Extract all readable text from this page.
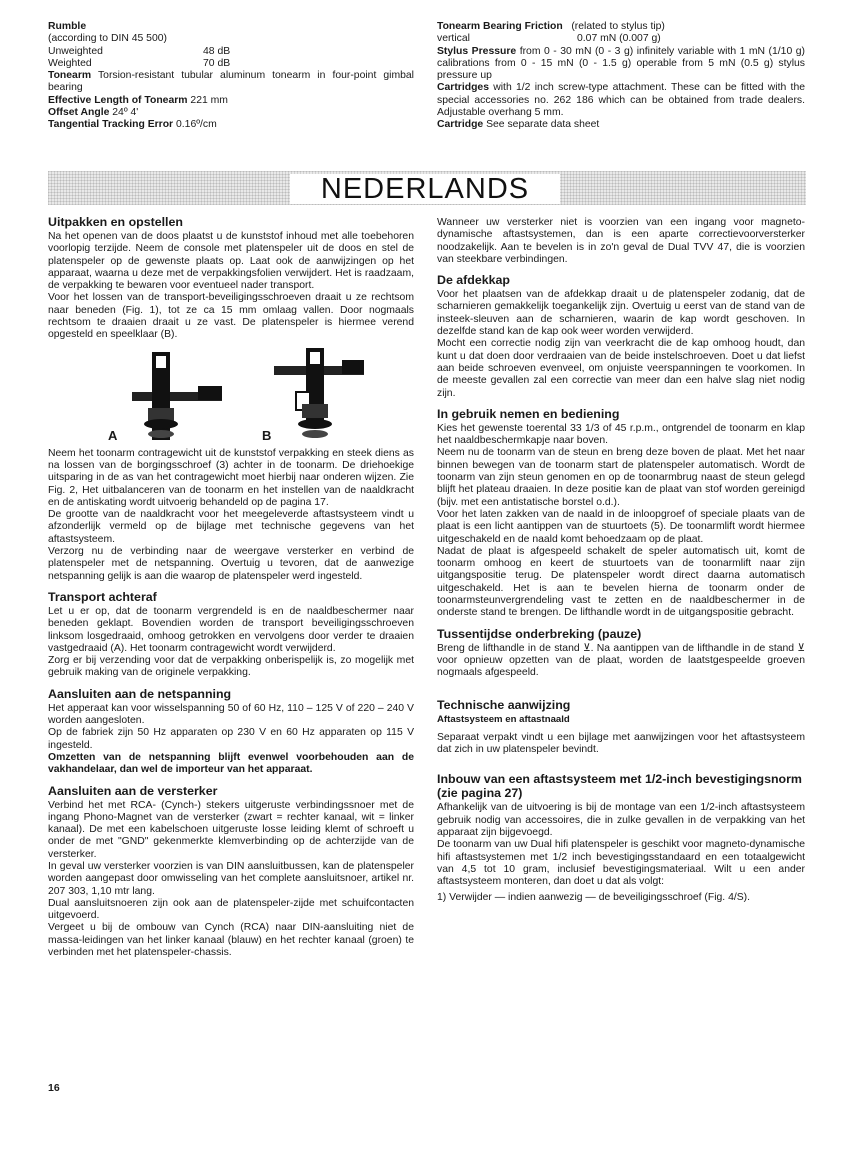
Rumble
(according to DIN 45 500)
Unweighted	48 dB
Weighted	70 dB

Tonearm Torsion-resistant tubular aluminum tonearm in four-point gimbal bearing

Effective Length of Tonearm 221 mm
Offset Angle 24º 4'
Tangential Tracking Error 0.16º/cm
Tonearm Bearing Friction (related to stylus tip)
vertical	0.07 mN (0.007 g)

Stylus Pressure from 0 - 30 mN (0 - 3 g) infinitely variable with 1 mN (1/10 g) calibrations from 0 - 15 mN (0 - 1.5 g) operable from 5 mN (0.5 g) stylus pressure up

Cartridges with 1/2 inch screw-type attachment. These can be fitted with the special accessories no. 262 186 which can be obtained from trade dealers. Adjustable overhang 5 mm.

Cartridge See separate data sheet
NEDERLANDS
Uitpakken en opstellen

Na het openen van de doos plaatst u de kunststof inhoud met alle toebehoren voorlopig terzijde. Neem de console met platenspeler uit de doos en stel de platenspeler op de gewenste plaats op. Laat ook de aanwijzingen op het apparaat, waarna u deze met de verpakkingsfolien verwijdert. Het is raadzaam, de verpakking te bewaren voor eventueel nader transport.

Voor het lossen van de transport-beveiligingsschroeven draait u ze rechtsom naar beneden (Fig. 1), tot ze ca 15 mm omlaag vallen. Door nogmaals rechtsom te draaien draait u ze vast. De platenspeler is hiermee verend opgesteld en speelklaar (B).

A	B

Neem het toonarm contragewicht uit de kunststof verpakking en steek diens as na lossen van de borgingsschroef (3) achter in de toonarm. De driehoekige uitsparing in de as van het contragewicht moet hierbij naar onderen wijzen. Zie Fig. 2, Het uitbalanceren van de toonarm en het instellen van de naaldkracht en de antiskating wordt uitvoerig behandeld op de pagina 17.

De grootte van de naaldkracht voor het meegeleverde aftastsysteem vindt u afzonderlijk vermeld op de bijlage met technische gegevens van het aftastsysteem.

Verzorg nu de verbinding naar de weergave versterker en verbind de platenspeler met de netspanning. Overtuig u tevoren, dat de aanwezige netspanning gelijk is aan die waarop de platenspeler werd ingesteld.

Transport achteraf

Let u er op, dat de toonarm vergrendeld is en de naaldbeschermer naar beneden geklapt. Bovendien worden de transport beveiligingsschroeven linksom losgedraaid, omhoog getrokken en vervolgens door verder te draaien vastgedraaid (A). Het toonarm contragewicht wordt verwijderd.

Zorg er bij verzending voor dat de verpakking onberispelijk is, zo mogelijk met gebruik making van de originele verpakking.

Aansluiten aan de netspanning

Het apperaat kan voor wisselspanning 50 of 60 Hz, 110 – 125 V of 220 – 240 V worden aangesloten.

Op de fabriek zijn 50 Hz apparaten op 230 V en 60 Hz apparaten op 115 V ingesteld.

Omzetten van de netspanning blijft evenwel voorbehouden aan de vakhandelaar, dan wel de importeur van het apparaat.

Aansluiten aan de versterker

Verbind het met RCA- (Cynch-) stekers uitgeruste verbindingssnoer met de ingang Phono-Magnet van de versterker (zwart = rechter kanaal, wit = linker kanaal). De met een kabelschoen uitgeruste losse leiding klemt of schroeft u onder de met "GND" gekenmerkte klemverbinding op de achterzijde van de versterker.

In geval uw versterker voorzien is van DIN aansluitbussen, kan de platenspeler worden aangepast door omwisseling van het complete aansluitsnoer, artikel nr. 207 303, 1,10 mtr lang.

Dual aansluitsnoeren zijn ook aan de platenspeler-zijde met schuifcontacten uitgevoerd.

Vergeet u bij de ombouw van Cynch (RCA) naar DIN-aansluiting niet de massa-leidingen van het linker kanaal (blauw) en het rechter kanaal (groen) te verbinden met het platenspeler-chassis.

16

Wanneer uw versterker niet is voorzien van een ingang voor magneto-dynamische aftastsystemen, dan is een aparte correctievoorversterker noodzakelijk. Aan te bevelen is in zo'n geval de Dual TVV 47, die is voorzien van steekbare verbindingen.

De afdekkap

Voor het plaatsen van de afdekkap draait u de platenspeler zodanig, dat de scharnieren gemakkelijk toegankelijk zijn. Overtuig u eerst van de stand van de insteek-sleuven aan de scharnieren, waarin de kap wordt geschoven. In dezelfde stand kan de kap ook weer worden verwijderd.

Mocht een correctie nodig zijn van veerkracht die de kap omhoog houdt, dan kunt u dat doen door verdraaien van de beide instelschroeven. Doet u dat liefst aan beide schroeven evenveel, om onjuiste veerspanningen te voorkomen. In de meeste gevallen zal een correctie van meer dan een halve slag niet nodig zijn.

In gebruik nemen en bediening

Kies het gewenste toerental 33 1/3 of 45 r.p.m., ontgrendel de toonarm en klap het naaldbeschermkapje naar boven.

Neem nu de toonarm van de steun en breng deze boven de plaat. Met het naar binnen bewegen van de toonarm start de platenspeler automatisch. Wordt de toonarm van zijn steun genomen en op de toonarmbrug naast de steun gelegd blijft het plateau draaien. In deze positie kan de plaat van stof worden gereinigd (bijv. met een antistatische borstel o.d.).

Voor het laten zakken van de naald in de inloopgroef of speciale plaats van de plaat is een licht aantippen van de stuurtoets (5). De toonarmlift wordt hiermee uitgeschakeld en de naald komt behoedzaam op de plaat.

Nadat de plaat is afgespeeld schakelt de speler automatisch uit, komt de toonarm omhoog en keert de stuurtoets van de toonarmlift naar zijn uitgangspositie terug. De platenspeler wordt direct daarna automatisch uitgeschakeld. Het is aan te bevelen hierna de toonarm onder de toonarmsteunvergrendeling vast te zetten en de naaldbeschermer in de onderste stand te brengen. De lifthandle wordt in de uitgangspositie gebracht.

Tussentijdse onderbreking (pauze)

Breng de lifthandle in de stand ⊻. Na aantippen van de lifthandle in de stand ⊻ voor opnieuw opzetten van de plaat, worden de laatstgespeelde groeven nogmaals afgespeeld.

Technische aanwijzing
Aftastsysteem en aftastnaald

Separaat verpakt vindt u een bijlage met aanwijzingen voor het aftastsysteem dat zich in uw platenspeler bevindt.

Inbouw van een aftastsysteem met 1/2-inch bevestigingsnorm (zie pagina 27)

Afhankelijk van de uitvoering is bij de montage van een 1/2-inch aftastsysteem gebruik nodig van accessoires, die in zulke gevallen in de verpakking van het apparaat zijn bijgevoegd.

De toonarm van uw Dual hifi platenspeler is geschikt voor magneto-dynamische hifi aftastsystemen met 1/2 inch bevestigingsstandaard en een totaalgewicht van 4,5 tot 10 gram, inclusief bevestigingsmateriaal. Wilt u een ander aftastsysteem monteren, dan doet u dat als volgt:

1) Verwijder — indien aanwezig — de beveiligingsschroef (Fig. 4/S).
